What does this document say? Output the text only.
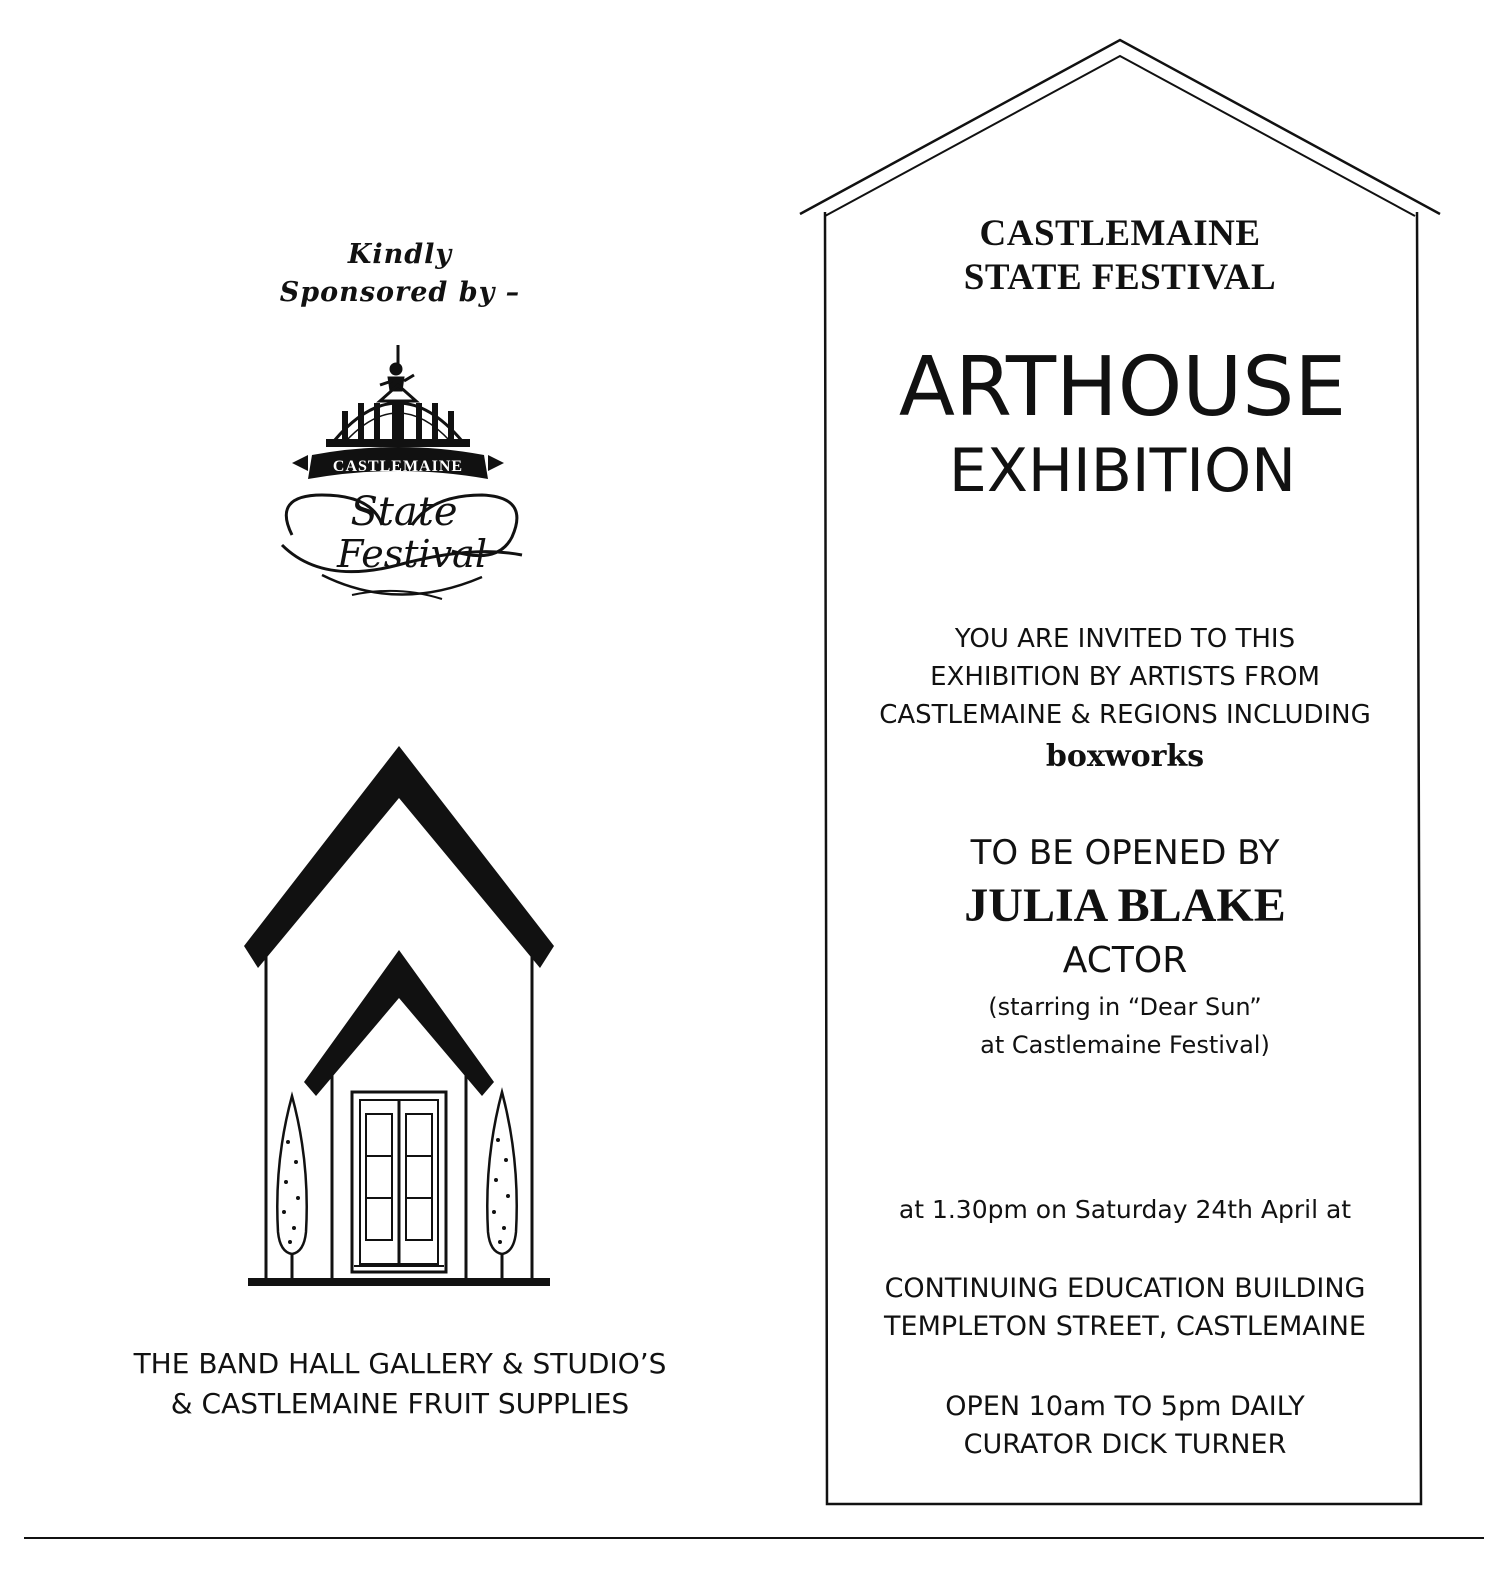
Kindly
Sponsored by –
CASTLEMAINE
State
Festival
THE BAND HALL GALLERY & STUDIO’S
& CASTLEMAINE FRUIT SUPPLIES
CASTLEMAINE
STATE FESTIVAL
ARTHOUSE
EXHIBITION
YOU ARE INVITED TO THIS
EXHIBITION BY ARTISTS FROM
CASTLEMAINE & REGIONS INCLUDING
boxworks
TO BE OPENED BY
JULIA BLAKE
ACTOR
(starring in “Dear Sun”
at Castlemaine Festival)
at 1.30pm on Saturday 24th April at
CONTINUING EDUCATION BUILDING
TEMPLETON STREET, CASTLEMAINE
OPEN 10am TO 5pm DAILY
CURATOR DICK TURNER
